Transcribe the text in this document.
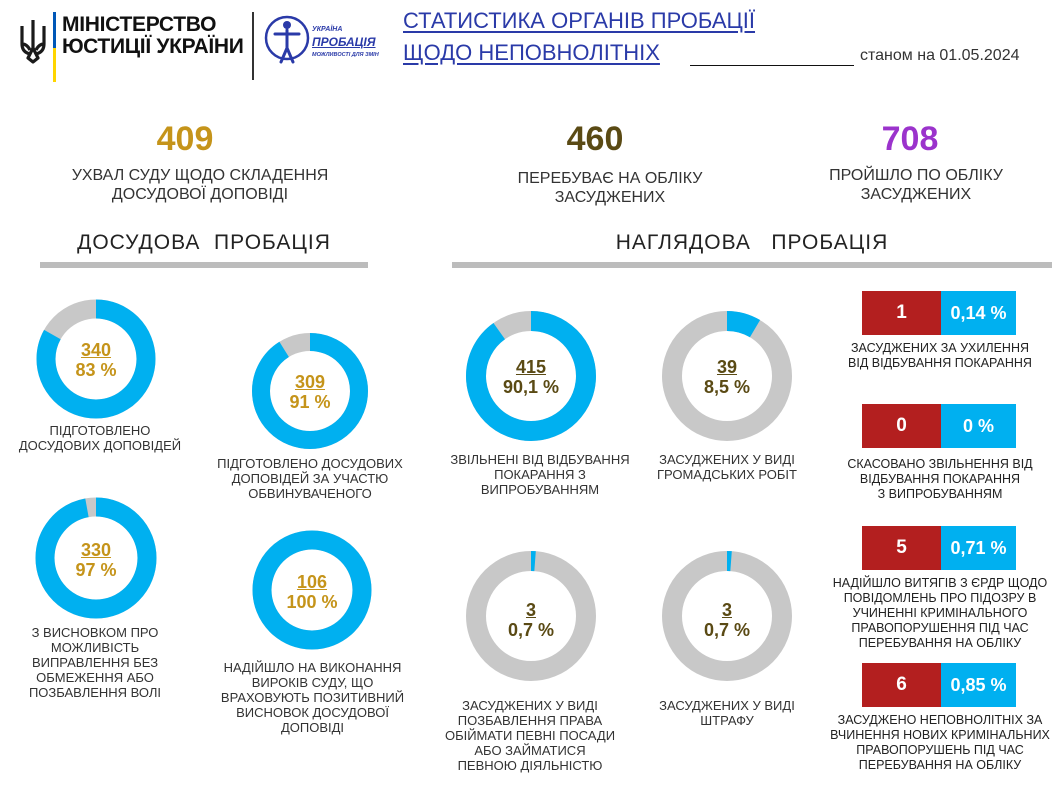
МІНІСТЕРСТВО
ЮСТИЦІЇ УКРАЇНИ
УКРАЇНА
ПРОБАЦІЯ
МОЖЛИВОСТІ ДЛЯ ЗМІН
СТАТИСТИКА ОРГАНІВ ПРОБАЦІЇ
ЩОДО НЕПОВНОЛІТНІХ	станом на 01.05.2024
409
УХВАЛ СУДУ ЩОДО СКЛАДЕННЯ
ДОСУДОВОЇ ДОПОВІДІ
460
ПЕРЕБУВАЄ НА ОБЛІКУ
ЗАСУДЖЕНИХ
708
ПРОЙШЛО ПО ОБЛІКУ
ЗАСУДЖЕНИХ
ДОСУДОВА  ПРОБАЦІЯ	НАГЛЯДОВА   ПРОБАЦІЯ
340
83 %
ПІДГОТОВЛЕНО
ДОСУДОВИХ ДОПОВІДЕЙ
309
91 %
ПІДГОТОВЛЕНО ДОСУДОВИХ
ДОПОВІДЕЙ ЗА УЧАСТЮ
ОБВИНУВАЧЕНОГО
330
97 %
З ВИСНОВКОМ ПРО
МОЖЛИВІСТЬ
ВИПРАВЛЕННЯ БЕЗ
ОБМЕЖЕННЯ АБО
ПОЗБАВЛЕННЯ ВОЛІ
106
100 %
НАДІЙШЛО НА ВИКОНАННЯ
ВИРОКІВ СУДУ, ЩО
ВРАХОВУЮТЬ ПОЗИТИВНИЙ
ВИСНОВОК ДОСУДОВОЇ
ДОПОВІДІ
415
90,1 %
ЗВІЛЬНЕНІ ВІД ВІДБУВАННЯ
ПОКАРАННЯ З
ВИПРОБУВАННЯМ
39
8,5 %
ЗАСУДЖЕНИХ У ВИДІ
ГРОМАДСЬКИХ РОБІТ
3
0,7 %
ЗАСУДЖЕНИХ У ВИДІ
ПОЗБАВЛЕННЯ ПРАВА
ОБІЙМАТИ ПЕВНІ ПОСАДИ
АБО ЗАЙМАТИСЯ
ПЕВНОЮ ДІЯЛЬНІСТЮ
3
0,7 %
ЗАСУДЖЕНИХ У ВИДІ
ШТРАФУ
1	0,14 %
ЗАСУДЖЕНИХ ЗА УХИЛЕННЯ
ВІД ВІДБУВАННЯ ПОКАРАННЯ
0	0 %
СКАСОВАНО ЗВІЛЬНЕННЯ ВІД
ВІДБУВАННЯ ПОКАРАННЯ
З ВИПРОБУВАННЯМ
5	0,71 %
НАДІЙШЛО ВИТЯГІВ З ЄРДР ЩОДО
ПОВІДОМЛЕНЬ ПРО ПІДОЗРУ В
УЧИНЕННІ КРИМІНАЛЬНОГО
ПРАВОПОРУШЕННЯ ПІД ЧАС
ПЕРЕБУВАННЯ НА ОБЛІКУ
6	0,85 %
ЗАСУДЖЕНО НЕПОВНОЛІТНІХ ЗА
ВЧИНЕННЯ НОВИХ КРИМІНАЛЬНИХ
ПРАВОПОРУШЕНЬ ПІД ЧАС
ПЕРЕБУВАННЯ НА ОБЛІКУ
